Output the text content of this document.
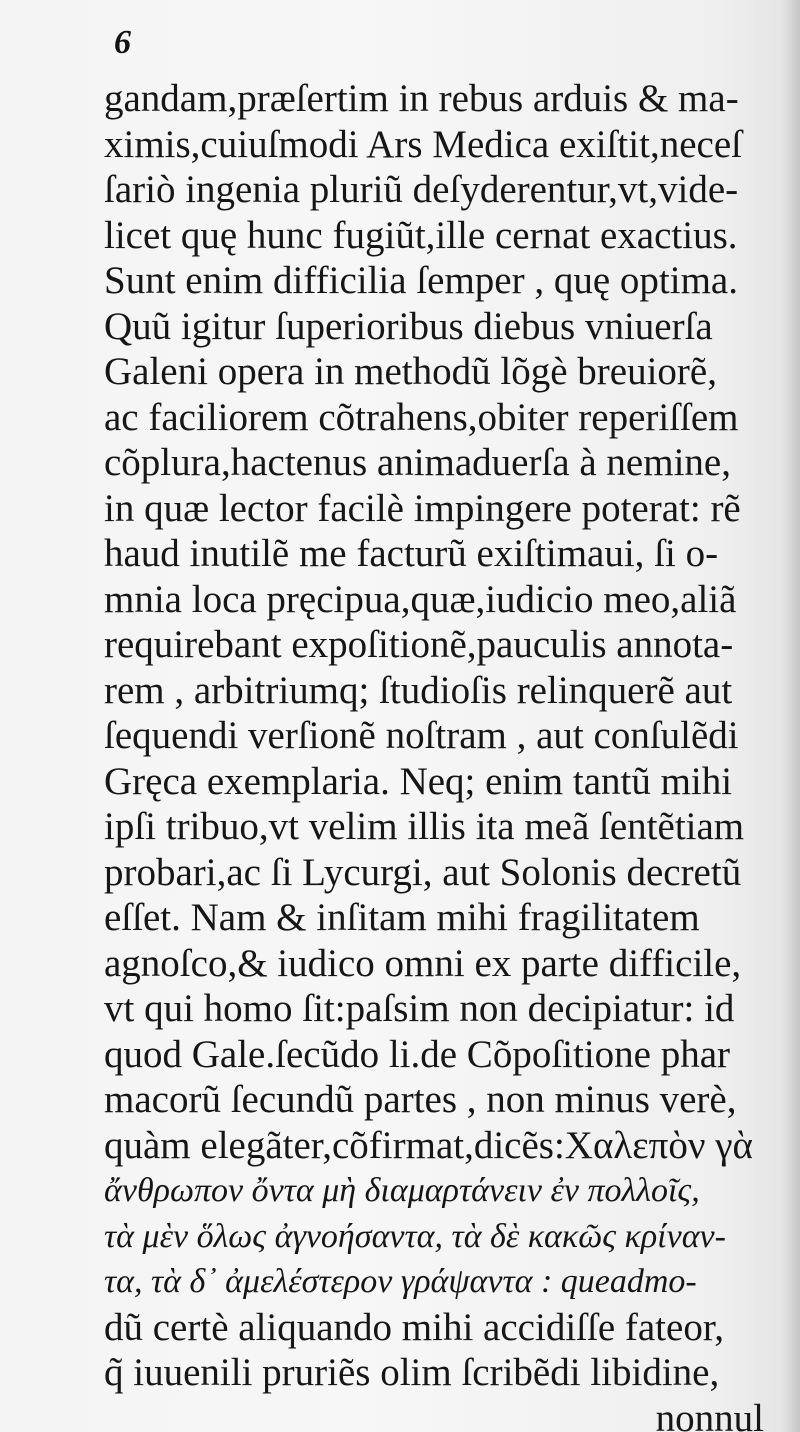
6
gandam,præſertim in rebus arduis & ma-
ximis,cuiuſmodi Ars Medica exiſtit,neceſ
ſariò ingenia pluriũ deſyderentur,vt,vide-
licet quę hunc fugiũt,ille cernat exactius.
Sunt enim difficilia ſemper , quę optima.
Quũ igitur ſuperioribus diebus vniuerſa
Galeni opera in methodũ lõgè breuiorẽ,
ac faciliorem cõtrahens,obiter reperiſſem
cõplura,hactenus animaduerſa à nemine,
in quæ lector facilè impingere poterat: rẽ
haud inutilẽ me facturũ exiſtimaui, ſi o-
mnia loca pręcipua,quæ,iudicio meo,aliã
requirebant expoſitionẽ,pauculis annota-
rem , arbitriumq; ſtudioſis relinquerẽ aut
ſequendi verſionẽ noſtram , aut conſulẽdi
Gręca exemplaria. Neq; enim tantũ mihi
ipſi tribuo,vt velim illis ita meã ſentẽtiam
probari,ac ſi Lycurgi, aut Solonis decretũ
eſſet. Nam & inſitam mihi fragilitatem
agnoſco,& iudico omni ex parte difficile,
vt qui homo ſit:paſsim non decipiatur: id
quod Gale.ſecũdo li.de Cõpoſitione phar
macorũ ſecundũ partes , non minus verè,
quàm elegãter,cõfirmat,dicẽs:Χαλεπὸν γὰ
ἄνθρωπον ὄντα μὴ διαμαρτάνειν ἐν πολλοῖς,
τὰ μὲν ὅλως ἀγνοήσαντα, τὰ δὲ κακῶς κρίναν-
τα, τὰ δ᾽ ἀμελέστερον γράψαντα : queadmo-
dũ certè aliquando mihi accidiſſe fateor,
q̃ iuuenili pruriẽs olim ſcribẽdi libidine,
nonnul
